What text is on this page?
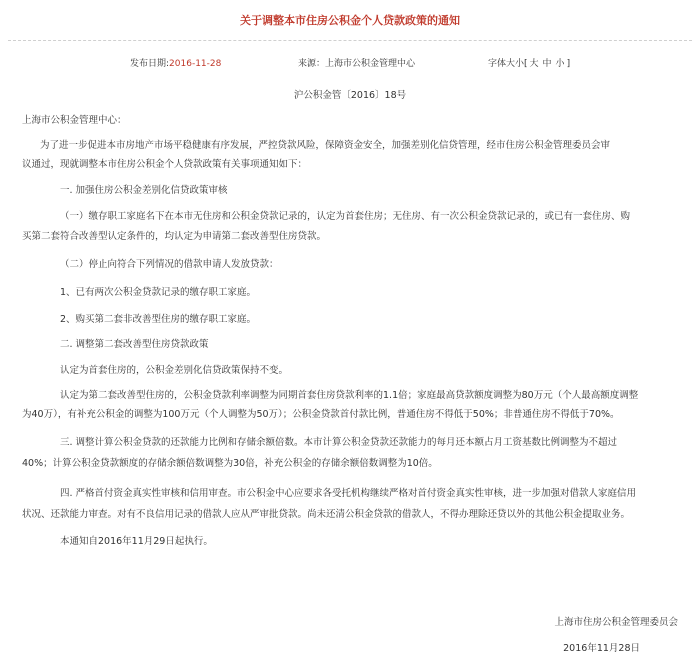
关于调整本市住房公积金个人贷款政策的通知
发布日期:2016-11-28	来源：上海市公积金管理中心	字体大小[ 大 中 小 ]
沪公积金管〔2016〕18号
上海市公积金管理中心：
为了进一步促进本市房地产市场平稳健康有序发展，严控贷款风险，保障资金安全，加强差别化信贷管理，经市住房公积金管理委员会审
议通过，现就调整本市住房公积金个人贷款政策有关事项通知如下：
一. 加强住房公积金差别化信贷政策审核
（一）缴存职工家庭名下在本市无住房和公积金贷款记录的，认定为首套住房；无住房、有一次公积金贷款记录的，或已有一套住房、购
买第二套符合改善型认定条件的，均认定为申请第二套改善型住房贷款。
（二）停止向符合下列情况的借款申请人发放贷款：
1、已有两次公积金贷款记录的缴存职工家庭。
2、购买第二套非改善型住房的缴存职工家庭。
二. 调整第二套改善型住房贷款政策
认定为首套住房的，公积金差别化信贷政策保持不变。
认定为第二套改善型住房的，公积金贷款利率调整为同期首套住房贷款利率的1.1倍；家庭最高贷款额度调整为80万元（个人最高额度调整
为40万），有补充公积金的调整为100万元（个人调整为50万）；公积金贷款首付款比例，普通住房不得低于50%；非普通住房不得低于70%。
三. 调整计算公积金贷款的还款能力比例和存储余额倍数。本市计算公积金贷款还款能力的每月还本额占月工资基数比例调整为不超过
40%；计算公积金贷款额度的存储余额倍数调整为30倍，补充公积金的存储余额倍数调整为10倍。
四. 严格首付资金真实性审核和信用审查。市公积金中心应要求各受托机构继续严格对首付资金真实性审核，进一步加强对借款人家庭信用
状况、还款能力审查。对有不良信用记录的借款人应从严审批贷款。尚未还清公积金贷款的借款人，不得办理除还贷以外的其他公积金提取业务。
本通知自2016年11月29日起执行。
上海市住房公积金管理委员会
2016年11月28日
